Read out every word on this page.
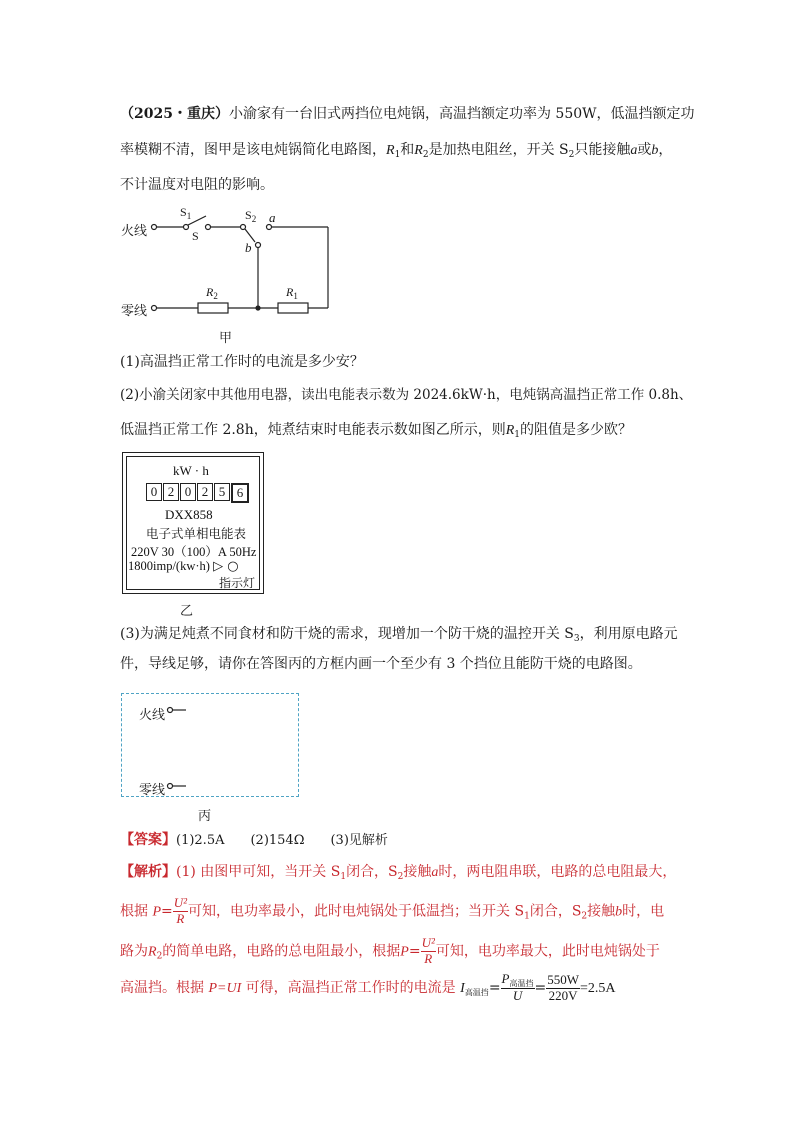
（2025・重庆）小渝家有一台旧式两挡位电炖锅，高温挡额定功率为 550W，低温挡额定功
率模糊不清，图甲是该电炖锅简化电路图，$R_1$和$R_2$是加热电阻丝，开关 $S_2$只能接触a或b，
不计温度对电阻的影响。
火线
零线
$S_1$
S
$S_2$ a
b
$R_2$	$R_1$
甲
(1)高温挡正常工作时的电流是多少安？
(2)小渝关闭家中其他用电器，读出电能表示数为 2024.6kW·h，电炖锅高温挡正常工作 0.8h、
低温挡正常工作 2.8h，炖煮结束时电能表示数如图乙所示，则$R_1$的阻值是多少欧？
kW · h
0 2 0 2 5 6
DXX858
电子式单相电能表
220V 30（100）A 50Hz
1800imp/(kw·h) ▷ ○
指示灯
乙
(3)为满足炖煮不同食材和防干烧的需求，现增加一个防干烧的温控开关 $S_3$，利用原电路元
件，导线足够，请你在答图丙的方框内画一个至少有 3 个挡位且能防干烧的电路图。
火线
零线
丙
【答案】(1)2.5A　　(2)154Ω　　(3)见解析
【解析】(1) 由图甲可知，当开关 $S_1$闭合，$S_2$接触a时，两电阻串联，电路的总电阻最大，
根据 $P= \frac{\text{U²}}{R}$ 可知，电功率最小，此时电炖锅处于低温挡；当开关 $S_1$闭合，$S_2$接触b时，电
路为$R_2$的简单电路，电路的总电阻最小，根据$P= \frac{\text{U²}}{R}$ 可知，电功率最大，此时电炖锅处于
高温挡。根据 P=UI 可得，高温挡正常工作时的电流是 $I_{高温挡}= \frac{P_{高温挡}}{U} = \frac{550W}{220V} =2.5A$
